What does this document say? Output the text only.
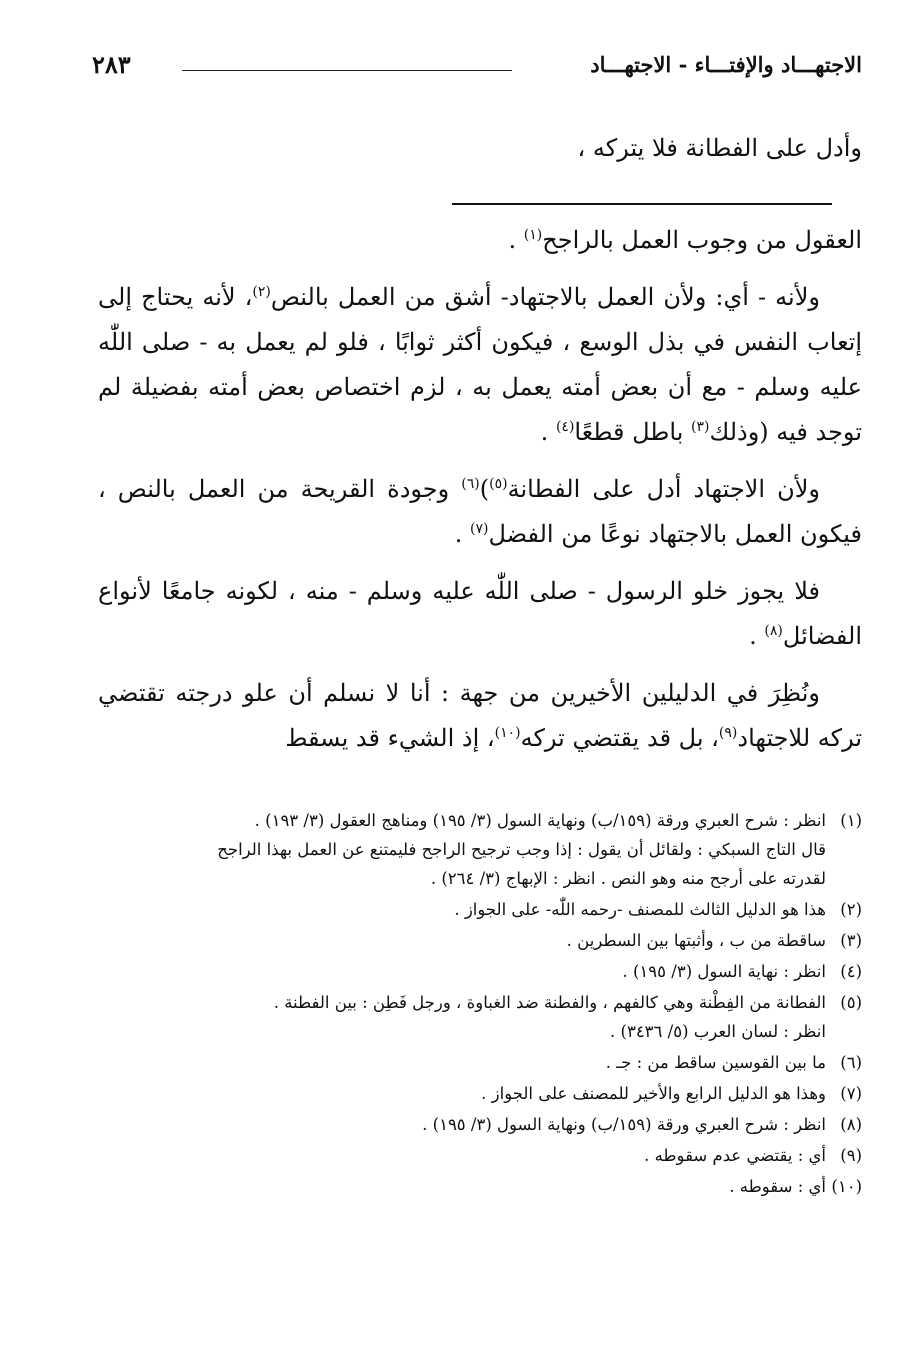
الاجتهـــاد والإفتـــاء - الاجتهـــاد
٢٨٣

وأدل على الفطانة فلا يتركه ،

العقول من وجوب العمل بالراجح$^{(١)}$ .

ولأنه - أي: ولأن العمل بالاجتهاد- أشق من العمل بالنص$^{(٢)}$، لأنه يحتاج إلى إتعاب النفس في بذل الوسع ، فيكون أكثر ثوابًا ، فلو لم يعمل به - صلى اللّٰه عليه وسلم - مع أن بعض أمته يعمل به ، لزم اختصاص بعض أمته بفضيلة لم توجد فيه (وذلك$^{(٣)}$ باطل قطعًا$^{(٤)}$ .

ولأن الاجتهاد أدل على الفطانة$^{(٥)}$)$^{(٦)}$ وجودة القريحة من العمل بالنص ، فيكون العمل بالاجتهاد نوعًا من الفضل$^{(٧)}$ .

فلا يجوز خلو الرسول - صلى اللّٰه عليه وسلم - منه ، لكونه جامعًا لأنواع الفضائل$^{(٨)}$ .

ونُظِرَ في الدليلين الأخيرين من جهة : أنا لا نسلم أن علو درجته تقتضي تركه للاجتهاد$^{(٩)}$، بل قد يقتضي تركه$^{(١٠)}$، إذ الشيء قد يسقط

(١)
انظر : شرح العبري ورقة (١٥٩/ب) ونهاية السول (٣/ ١٩٥) ومناهج العقول (٣/ ١٩٣) .
قال التاج السبكي : ولقائل أن يقول : إذا وجب ترجيح الراجح فليمتنع عن العمل بهذا الراجح
لقدرته على أرجح منه وهو النص . انظر : الإبهاج (٣/ ٢٦٤) .
(٢)
هذا هو الدليل الثالث للمصنف -رحمه اللّٰه- على الجواز .
(٣)
ساقطة من ب ، وأثبتها بين السطرين .
(٤)
انظر : نهاية السول (٣/ ١٩٥) .
(٥)
الفطانة من الفِطْنة وهي كالفهم ، والفطنة ضد الغباوة ، ورجل فَطِن : بين الفطنة .
انظر : لسان العرب (٥/ ٣٤٣٦) .
(٦)
ما بين القوسين ساقط من : جـ .
(٧)
وهذا هو الدليل الرابع والأخير للمصنف على الجواز .
(٨)
انظر : شرح العبري ورقة (١٥٩/ب) ونهاية السول (٣/ ١٩٥) .
(٩)
أي : يقتضي عدم سقوطه .
(١٠)
أي : سقوطه .
